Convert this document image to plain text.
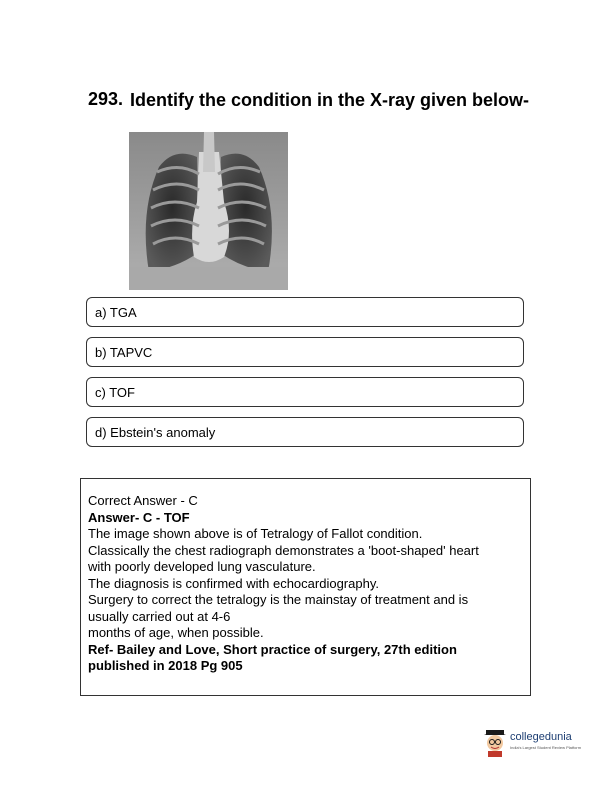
293. Identify the condition in the X-ray given below-
a) TGA
b) TAPVC
c) TOF
d) Ebstein's anomaly
Correct Answer - C
Answer- C - TOF
The image shown above is of Tetralogy of Fallot condition.
Classically the chest radiograph demonstrates a 'boot-shaped' heart
with poorly developed lung vasculature.
The diagnosis is confirmed with echocardiography.
Surgery to correct the tetralogy is the mainstay of treatment and is
usually carried out at 4-6
months of age, when possible.
Ref- Bailey and Love, Short practice of surgery, 27th edition
published in 2018 Pg 905
collegedunia
India's Largest Student Review Platform
